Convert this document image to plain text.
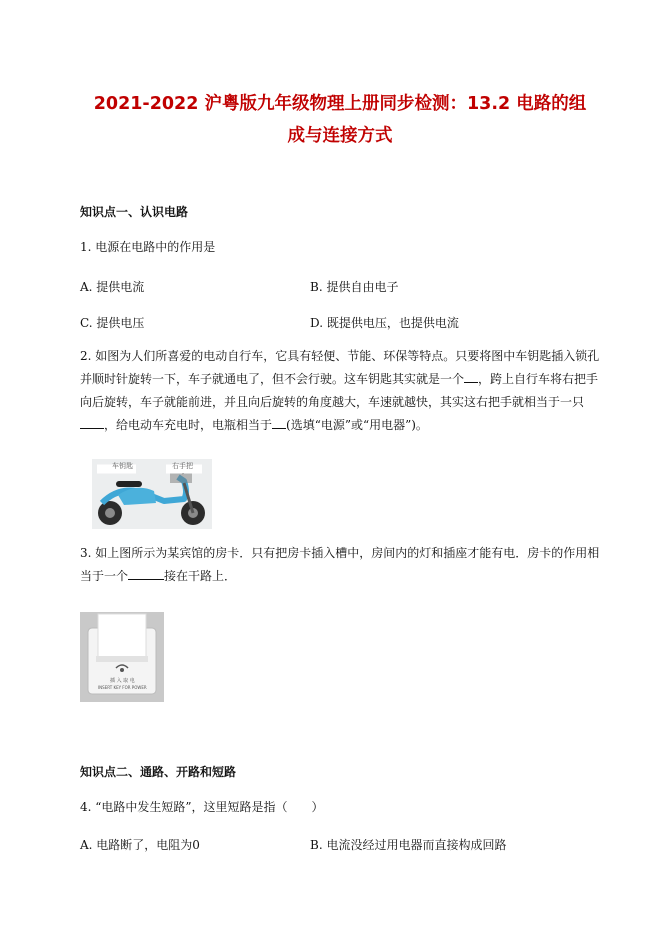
2021-2022 沪粤版九年级物理上册同步检测：13.2 电路的组
成与连接方式
知识点一、认识电路
1. 电源在电路中的作用是
A. 提供电流	B. 提供自由电子
C. 提供电压	D. 既提供电压，也提供电流
2. 如图为人们所喜爱的电动自行车，它具有轻便、节能、环保等特点。只要将图中车钥匙插入锁孔并顺时针旋转一下，车子就通电了，但不会行驶。这车钥匙其实就是一个 ，跨上自行车将右把手向后旋转，车子就能前进，并且向后旋转的角度越大，车速就越快，其实这右把手就相当于一只，给电动车充电时，电瓶相当于 (选填“电源”或“用电器”)。
车钥匙	右手把
3. 如上图所示为某宾馆的房卡．只有把房卡插入槽中，房间内的灯和插座才能有电．房卡的作用相当于一个	接在干路上．
插 入 取 电
INSERT KEY FOR POWER
知识点二、通路、开路和短路
4. “电路中发生短路”，这里短路是指（　　）
A. 电路断了，电阻为0	B. 电流没经过用电器而直接构成回路
